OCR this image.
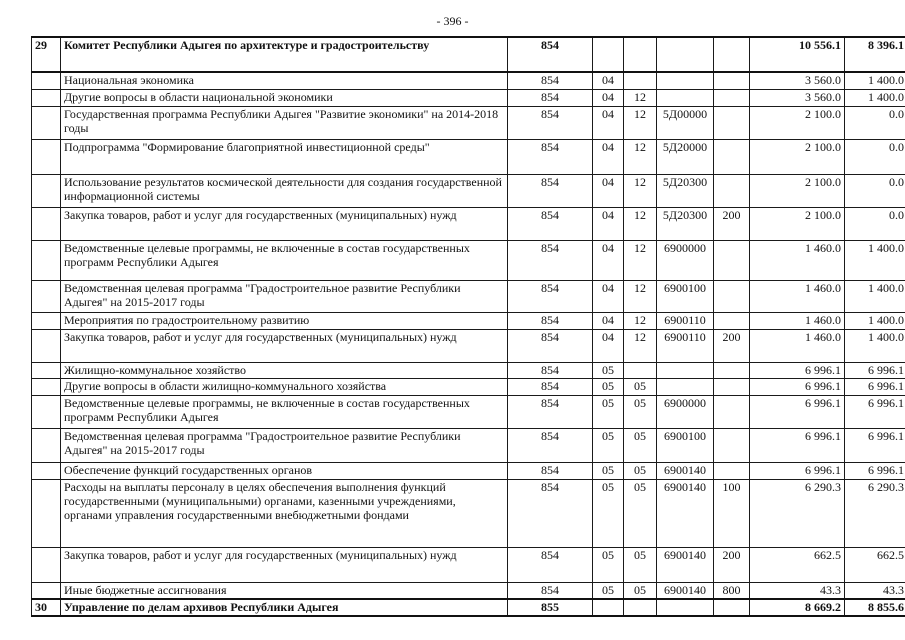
- 396 -
29	Комитет Республики Адыгея по архитектуре и градостроительству	854					10 556.1	8 396.1
	Национальная экономика	854	04				3 560.0	1 400.0
	Другие вопросы в области национальной экономики	854	04	12			3 560.0	1 400.0
	Государственная программа Республики Адыгея "Развитие экономики" на 2014-2018 годы	854	04	12	5Д00000		2 100.0	0.0
	Подпрограмма "Формирование благоприятной инвестиционной среды"	854	04	12	5Д20000		2 100.0	0.0
	Использование результатов космической деятельности для создания государственной информационной системы	854	04	12	5Д20300		2 100.0	0.0
	Закупка товаров, работ и услуг для государственных (муниципальных) нужд	854	04	12	5Д20300	200	2 100.0	0.0
	Ведомственные целевые программы, не включенные в состав государственных программ Республики Адыгея	854	04	12	6900000		1 460.0	1 400.0
	Ведомственная целевая программа "Градостроительное развитие Республики Адыгея" на 2015-2017 годы	854	04	12	6900100		1 460.0	1 400.0
	Мероприятия по градостроительному развитию	854	04	12	6900110		1 460.0	1 400.0
	Закупка товаров, работ и услуг для государственных (муниципальных) нужд	854	04	12	6900110	200	1 460.0	1 400.0
	Жилищно-коммунальное хозяйство	854	05				6 996.1	6 996.1
	Другие вопросы в области жилищно-коммунального хозяйства	854	05	05			6 996.1	6 996.1
	Ведомственные целевые программы, не включенные в состав государственных программ Республики Адыгея	854	05	05	6900000		6 996.1	6 996.1
	Ведомственная целевая программа "Градостроительное развитие Республики Адыгея" на 2015-2017 годы	854	05	05	6900100		6 996.1	6 996.1
	Обеспечение функций государственных органов	854	05	05	6900140		6 996.1	6 996.1
	Расходы на выплаты персоналу в целях обеспечения выполнения функций государственными (муниципальными) органами, казенными учреждениями, органами управления государственными внебюджетными фондами	854	05	05	6900140	100	6 290.3	6 290.3
	Закупка товаров, работ и услуг для государственных (муниципальных) нужд	854	05	05	6900140	200	662.5	662.5
	Иные бюджетные ассигнования	854	05	05	6900140	800	43.3	43.3
30	Управление по делам архивов Республики Адыгея	855					8 669.2	8 855.6
